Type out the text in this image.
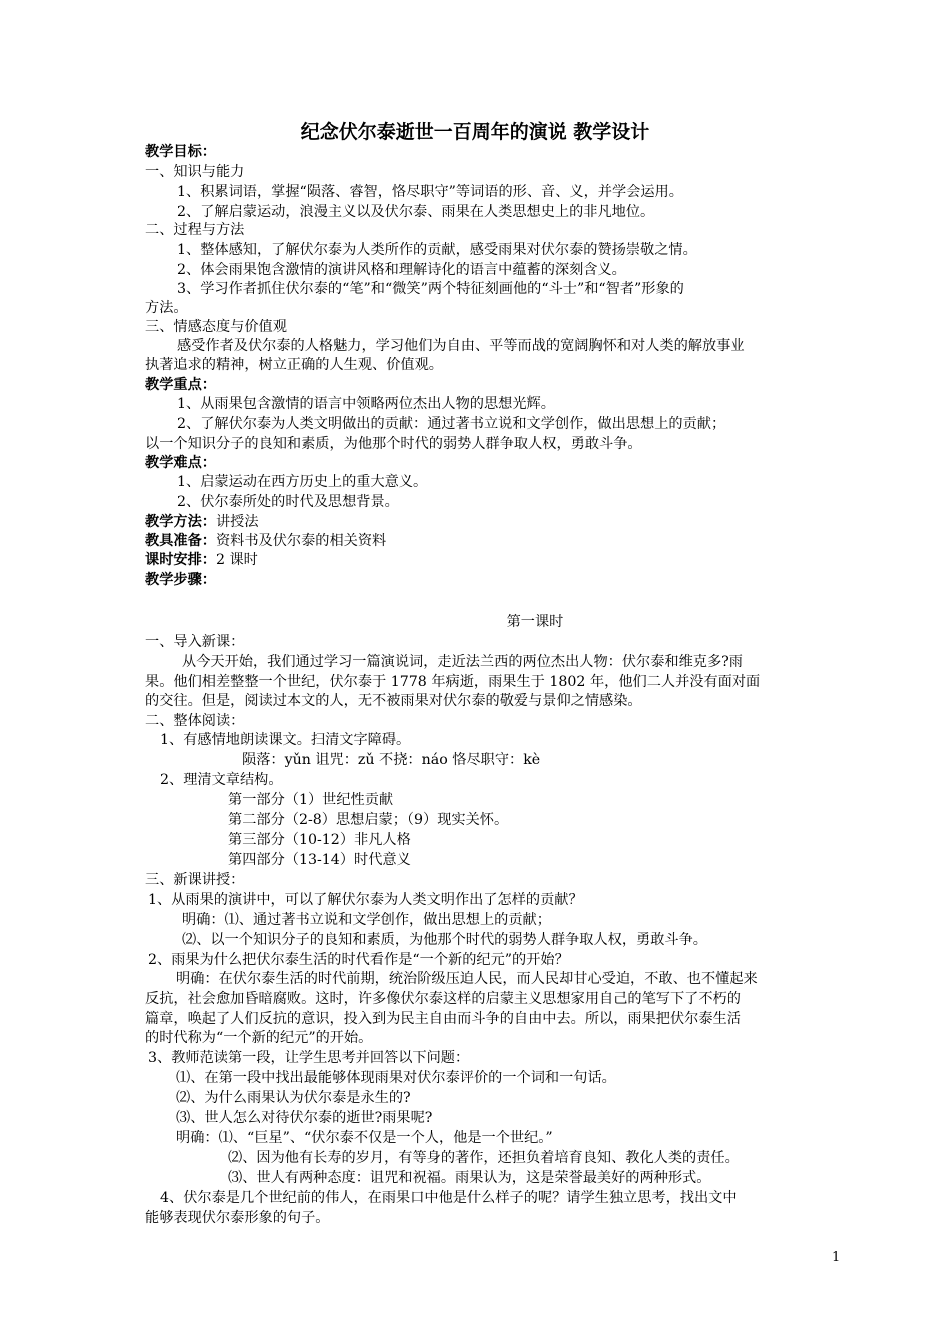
纪念伏尔泰逝世一百周年的演说 教学设计
教学目标：
一、知识与能力
1、积累词语，掌握“陨落、睿智，恪尽职守”等词语的形、音、义，并学会运用。
2、了解启蒙运动，浪漫主义以及伏尔泰、雨果在人类思想史上的非凡地位。
二、过程与方法
1、整体感知，了解伏尔泰为人类所作的贡献，感受雨果对伏尔泰的赞扬崇敬之情。
2、体会雨果饱含激情的演讲风格和理解诗化的语言中蕴蓄的深刻含义。
3、学习作者抓住伏尔泰的“笔”和“微笑”两个特征刻画他的“斗士”和“智者”形象的
方法。
三、情感态度与价值观
感受作者及伏尔泰的人格魅力，学习他们为自由、平等而战的宽阔胸怀和对人类的解放事业
执著追求的精神，树立正确的人生观、价值观。
教学重点：
1、从雨果包含激情的语言中领略两位杰出人物的思想光辉。
2、了解伏尔泰为人类文明做出的贡献：通过著书立说和文学创作，做出思想上的贡献；
以一个知识分子的良知和素质，为他那个时代的弱势人群争取人权，勇敢斗争。
教学难点：
1、启蒙运动在西方历史上的重大意义。
2、伏尔泰所处的时代及思想背景。
教学方法：讲授法
教具准备：资料书及伏尔泰的相关资料
课时安排：2 课时
教学步骤：
第一课时
一、导入新课：
从今天开始，我们通过学习一篇演说词，走近法兰西的两位杰出人物：伏尔泰和维克多?雨
果。他们相差整整一个世纪，伏尔泰于 1778 年病逝，雨果生于 1802 年，他们二人并没有面对面
的交往。但是，阅读过本文的人，无不被雨果对伏尔泰的敬爱与景仰之情感染。
二、整体阅读：
1、有感情地朗读课文。扫清文字障碍。
陨落：yǔn 诅咒：zǔ 不挠：náo 恪尽职守：kè
2、理清文章结构。
第一部分（1）世纪性贡献
第二部分（2-8）思想启蒙；（9）现实关怀。
第三部分（10-12）非凡人格
第四部分（13-14）时代意义
三、新课讲授：
1、从雨果的演讲中，可以了解伏尔泰为人类文明作出了怎样的贡献？
明确：⑴、通过著书立说和文学创作，做出思想上的贡献；
⑵、以一个知识分子的良知和素质，为他那个时代的弱势人群争取人权，勇敢斗争。
2、雨果为什么把伏尔泰生活的时代看作是“一个新的纪元”的开始？
明确：在伏尔泰生活的时代前期，统治阶级压迫人民，而人民却甘心受迫，不敢、也不懂起来
反抗，社会愈加昏暗腐败。这时，许多像伏尔泰这样的启蒙主义思想家用自己的笔写下了不朽的
篇章，唤起了人们反抗的意识，投入到为民主自由而斗争的自由中去。所以，雨果把伏尔泰生活
的时代称为“一个新的纪元”的开始。
3、教师范读第一段，让学生思考并回答以下问题：
⑴、在第一段中找出最能够体现雨果对伏尔泰评价的一个词和一句话。
⑵、为什么雨果认为伏尔泰是永生的?
⑶、世人怎么对待伏尔泰的逝世?雨果呢?
明确：⑴、“巨星”、“伏尔泰不仅是一个人，他是一个世纪。”
⑵、因为他有长寿的岁月，有等身的著作，还担负着培育良知、教化人类的责任。
⑶、世人有两种态度：诅咒和祝福。雨果认为，这是荣誉最美好的两种形式。
4、伏尔泰是几个世纪前的伟人，在雨果口中他是什么样子的呢？请学生独立思考，找出文中
能够表现伏尔泰形象的句子。
1
